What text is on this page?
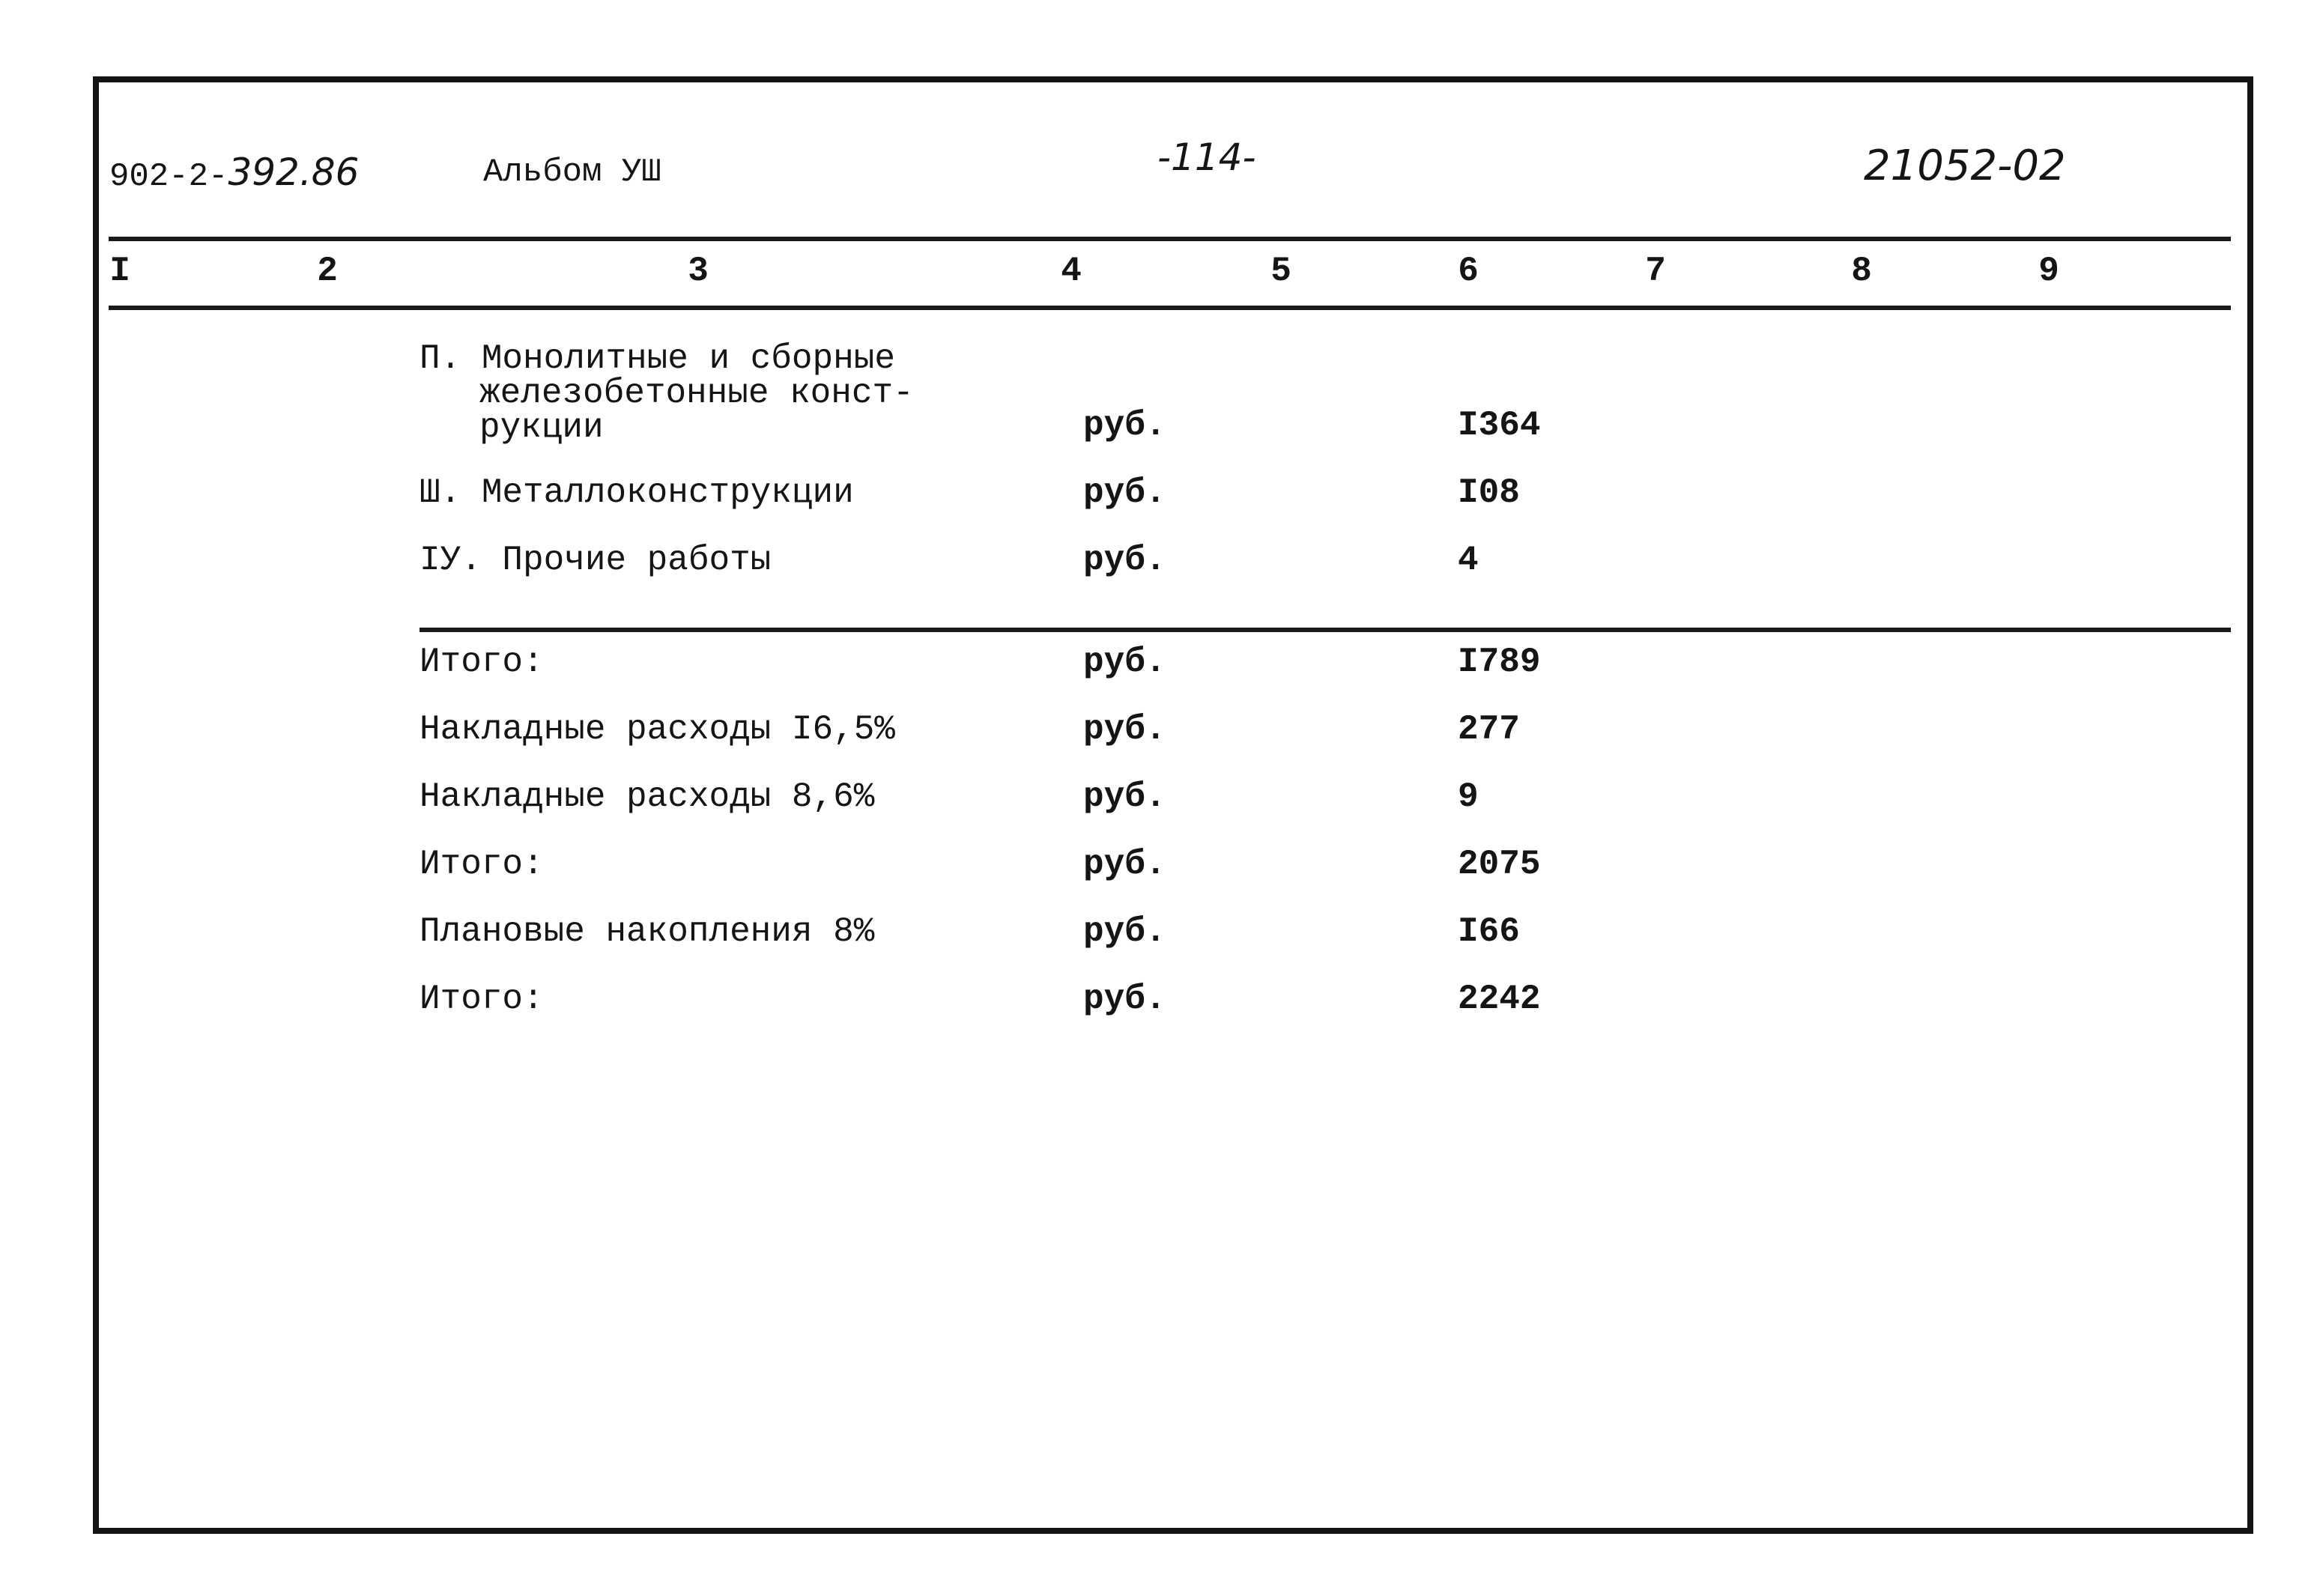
902-2-392.86	Альбом УШ	-114-	21052-02
I	2	3	4	5	6	7	8	9
П. Монолитные и сборные
железобетонные конст-
рукции	руб.	I364
Ш. Металлоконструкции	руб.	I08
IУ. Прочие работы	руб.	4
Итого:	руб.	I789
Накладные расходы I6,5%	руб.	277
Накладные расходы 8,6%	руб.	9
Итого:	руб.	2075
Плановые накопления 8%	руб.	I66
Итого:	руб.	2242
